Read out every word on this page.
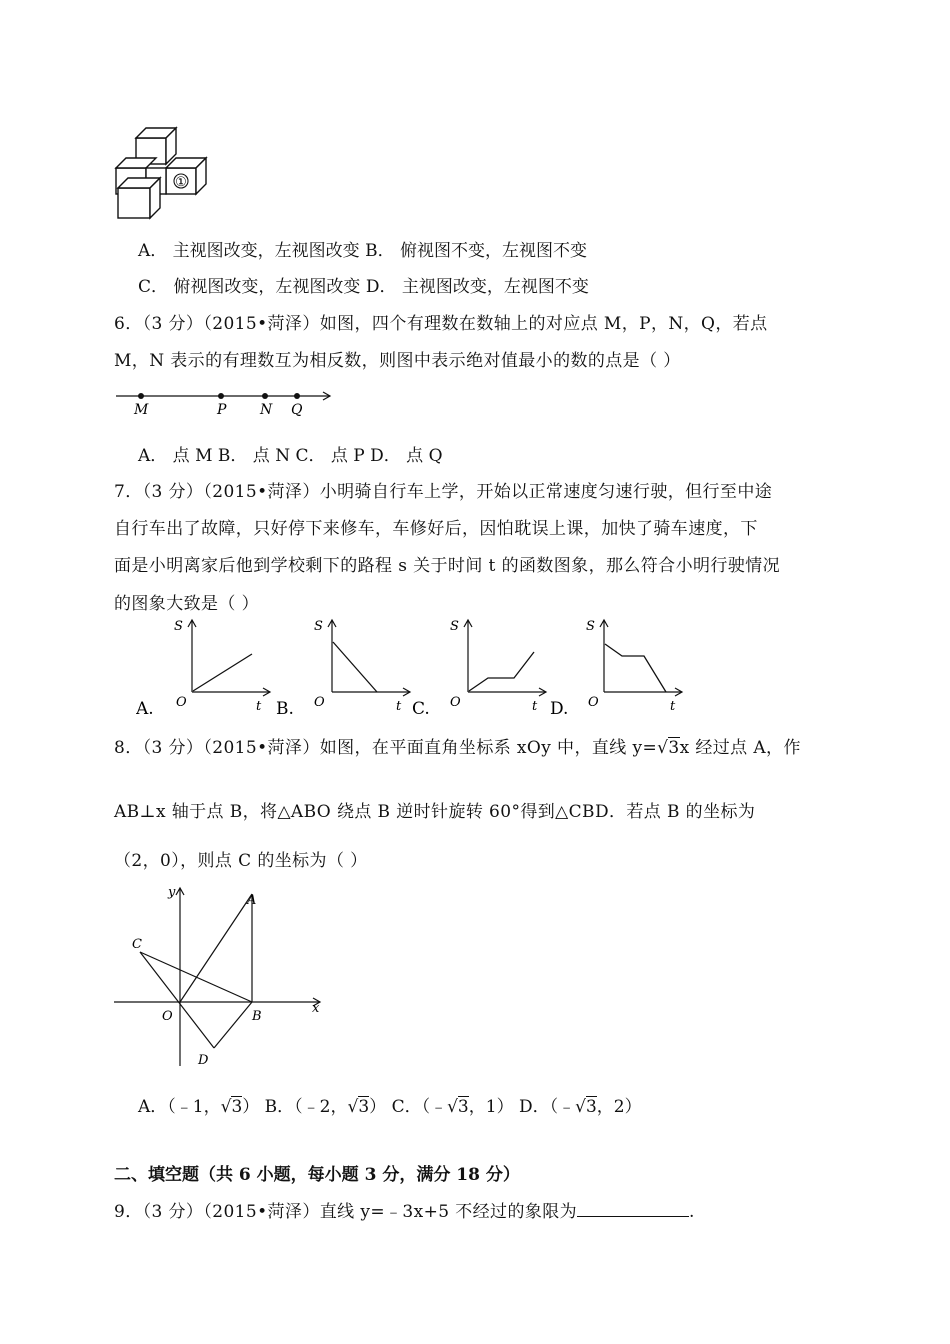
①
A． 主视图改变，左视图改变 B． 俯视图不变，左视图不变
C． 俯视图改变，左视图改变 D． 主视图改变，左视图不变
6．（3 分）（2015•菏泽）如图，四个有理数在数轴上的对应点 M，P，N，Q，若点
M，N 表示的有理数互为相反数，则图中表示绝对值最小的数的点是（ ）
M	P N Q
A． 点 M B． 点 N C． 点 P D． 点 Q
7．（3 分）（2015•菏泽）小明骑自行车上学，开始以正常速度匀速行驶，但行至中途
自行车出了故障，只好停下来修车，车修好后，因怕耽误上课，加快了骑车速度，下
面是小明离家后他到学校剩下的路程 s 关于时间 t 的函数图象，那么符合小明行驶情况
的图象大致是（ ）
A.
S
O	t B.
S
O	t C.
S
O	t D.
S
O	t
8．（3 分）（2015•菏泽）如图，在平面直角坐标系 xOy 中，直线 y=√3x 经过点 A，作
AB⊥x 轴于点 B，将△ABO 绕点 B 逆时针旋转 60°得到△CBD．若点 B 的坐标为
（2，0），则点 C 的坐标为（ ）
y
x
A
B
C
D
O
A．（﹣1，√3） B．（﹣2，√3） C．（﹣√3，1） D．（﹣√3，2）
二、填空题（共 6 小题，每小题 3 分，满分 18 分）
9．（3 分）（2015•菏泽）直线 y=﹣3x+5 不经过的象限为	.
